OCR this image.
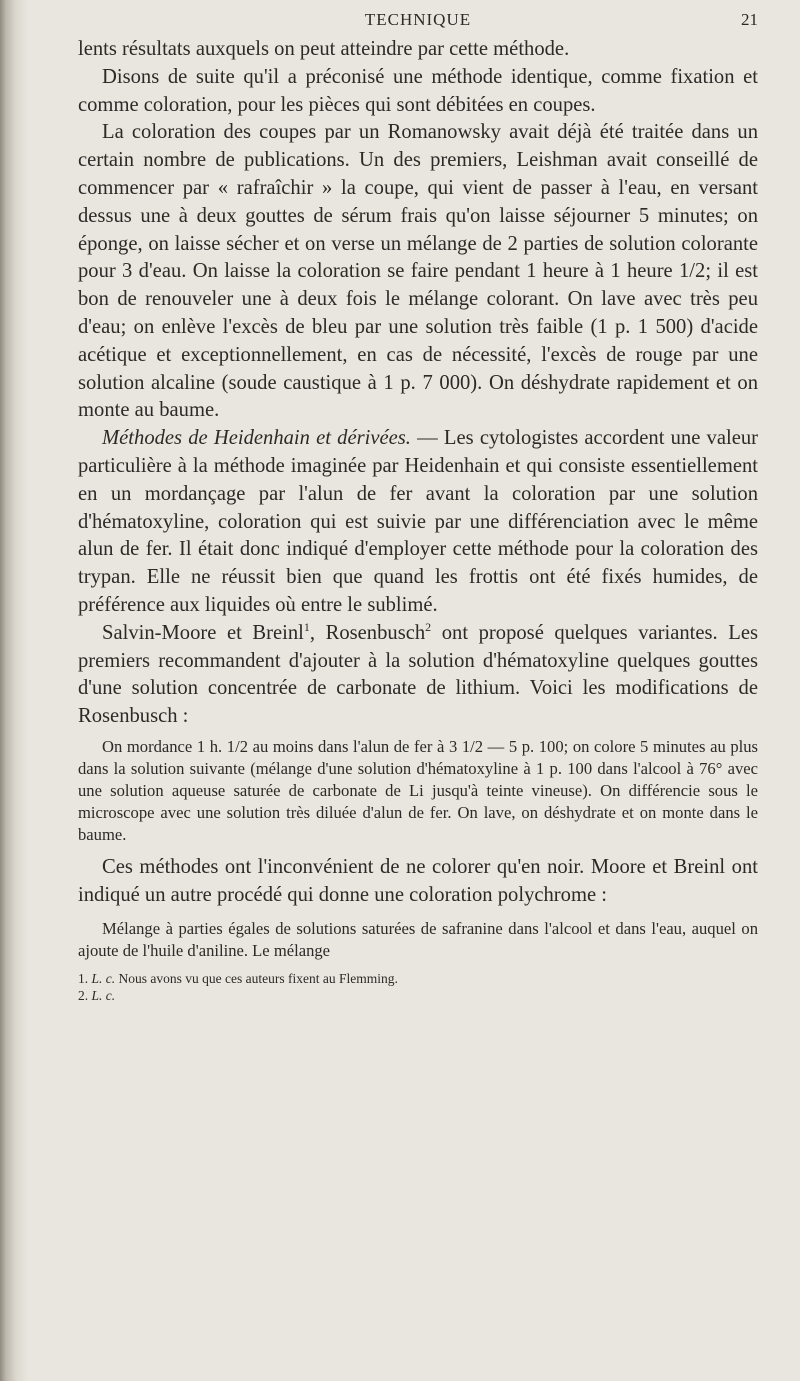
TECHNIQUE	21

lents résultats auxquels on peut atteindre par cette méthode.

Disons de suite qu'il a préconisé une méthode identique, comme fixation et comme coloration, pour les pièces qui sont débitées en coupes.

La coloration des coupes par un Romanowsky avait déjà été traitée dans un certain nombre de publications. Un des premiers, Leishman avait conseillé de commencer par « rafraîchir » la coupe, qui vient de passer à l'eau, en versant dessus une à deux gouttes de sérum frais qu'on laisse séjourner 5 minutes; on éponge, on laisse sécher et on verse un mélange de 2 parties de solution colorante pour 3 d'eau. On laisse la coloration se faire pendant 1 heure à 1 heure 1/2; il est bon de renouveler une à deux fois le mélange colorant. On lave avec très peu d'eau; on enlève l'excès de bleu par une solution très faible (1 p. 1 500) d'acide acétique et exceptionnellement, en cas de nécessité, l'excès de rouge par une solution alcaline (soude caustique à 1 p. 7 000). On déshydrate rapidement et on monte au baume.

Méthodes de Heidenhain et dérivées. — Les cytologistes accordent une valeur particulière à la méthode imaginée par Heidenhain et qui consiste essentiellement en un mordançage par l'alun de fer avant la coloration par une solution d'hématoxyline, coloration qui est suivie par une différenciation avec le même alun de fer. Il était donc indiqué d'employer cette méthode pour la coloration des trypan. Elle ne réussit bien que quand les frottis ont été fixés humides, de préférence aux liquides où entre le sublimé.

Salvin-Moore et Breinl$^1$, Rosenbusch$^2$ ont proposé quelques variantes. Les premiers recommandent d'ajouter à la solution d'hématoxyline quelques gouttes d'une solution concentrée de carbonate de lithium. Voici les modifications de Rosenbusch :

On mordance 1 h. 1/2 au moins dans l'alun de fer à 3 1/2 — 5 p. 100; on colore 5 minutes au plus dans la solution suivante (mélange d'une solution d'hématoxyline à 1 p. 100 dans l'alcool à 76° avec une solution aqueuse saturée de carbonate de Li jusqu'à teinte vineuse). On différencie sous le microscope avec une solution très diluée d'alun de fer. On lave, on déshydrate et on monte dans le baume.

Ces méthodes ont l'inconvénient de ne colorer qu'en noir. Moore et Breinl ont indiqué un autre procédé qui donne une coloration polychrome :

Mélange à parties égales de solutions saturées de safranine dans l'alcool et dans l'eau, auquel on ajoute de l'huile d'aniline. Le mélange

1. L. c. Nous avons vu que ces auteurs fixent au Flemming.
2. L. c.
